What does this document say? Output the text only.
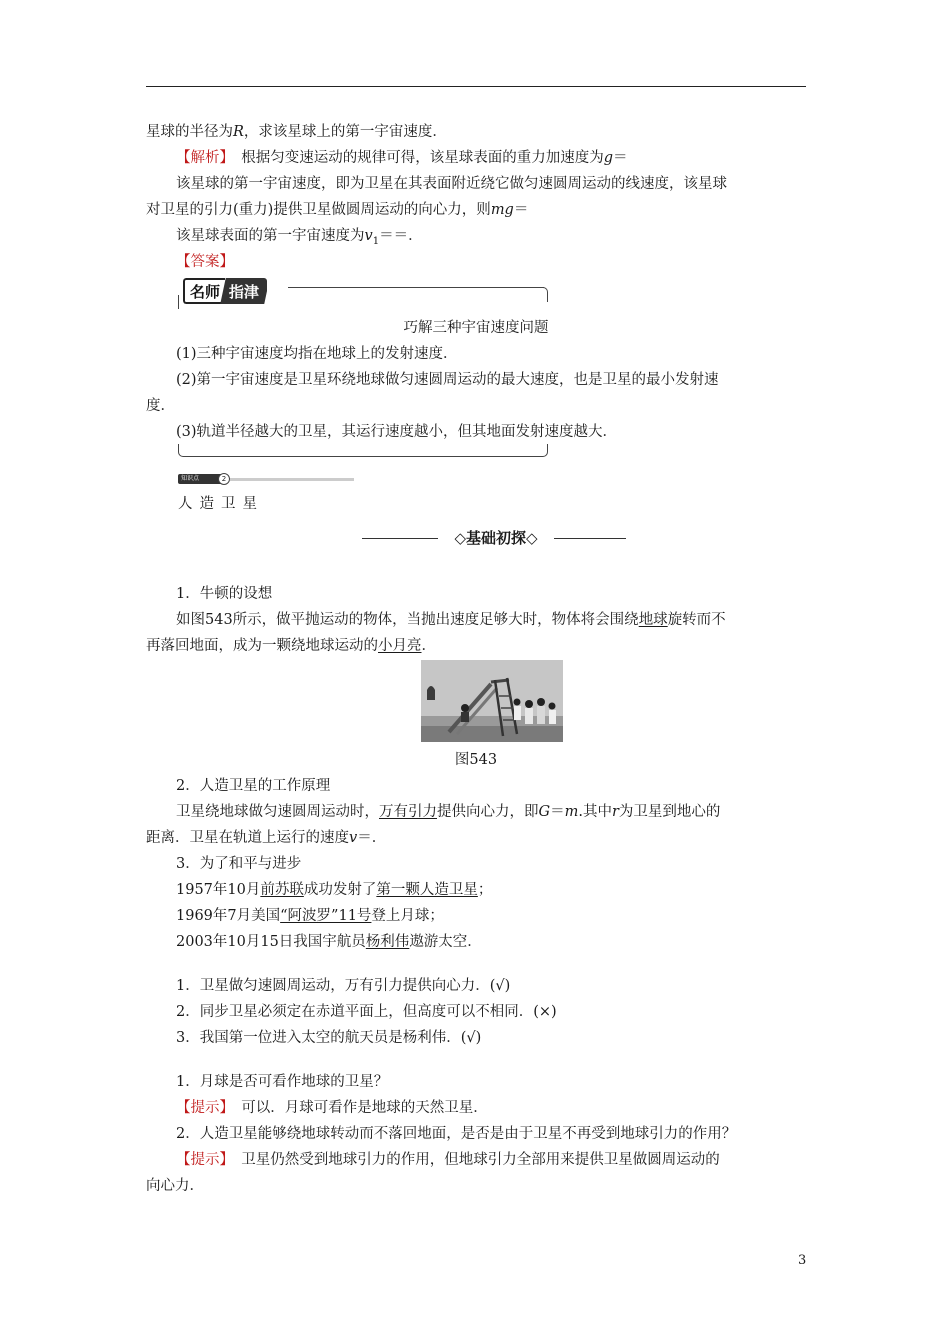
星球的半径为R，求该星球上的第一宇宙速度．
【解析】　根据匀变速运动的规律可得，该星球表面的重力加速度为g＝
该星球的第一宇宙速度，即为卫星在其表面附近绕它做匀速圆周运动的线速度，该星球
对卫星的引力(重力)提供卫星做圆周运动的向心力，则mg＝
该星球表面的第一宇宙速度为$v_1==$．
【答案】
名师 指津
巧解三种宇宙速度问题
(1)三种宇宙速度均指在地球上的发射速度．
(2)第一宇宙速度是卫星环绕地球做匀速圆周运动的最大速度，也是卫星的最小发射速
度．
(3)轨道半径越大的卫星，其运行速度越小，但其地面发射速度越大．
知识点	2
人造卫星
◇基础初探◇
1．牛顿的设想
如图543所示，做平抛运动的物体，当抛出速度足够大时，物体将会围绕地球旋转而不
再落回地面，成为一颗绕地球运动的小月亮．
图543
2．人造卫星的工作原理
卫星绕地球做匀速圆周运动时，万有引力提供向心力，即G＝m.其中r为卫星到地心的
距离．卫星在轨道上运行的速度v＝．
3．为了和平与进步
1957年10月前苏联成功发射了第一颗人造卫星；
1969年7月美国“阿波罗”11号登上月球；
2003年10月15日我国宇航员杨利伟遨游太空．
1．卫星做匀速圆周运动，万有引力提供向心力．(√)
2．同步卫星必须定在赤道平面上，但高度可以不相同．(×)
3．我国第一位进入太空的航天员是杨利伟．(√)
1．月球是否可看作地球的卫星？
【提示】　可以．月球可看作是地球的天然卫星．
2．人造卫星能够绕地球转动而不落回地面，是否是由于卫星不再受到地球引力的作用？
【提示】　卫星仍然受到地球引力的作用，但地球引力全部用来提供卫星做圆周运动的
向心力．
3
